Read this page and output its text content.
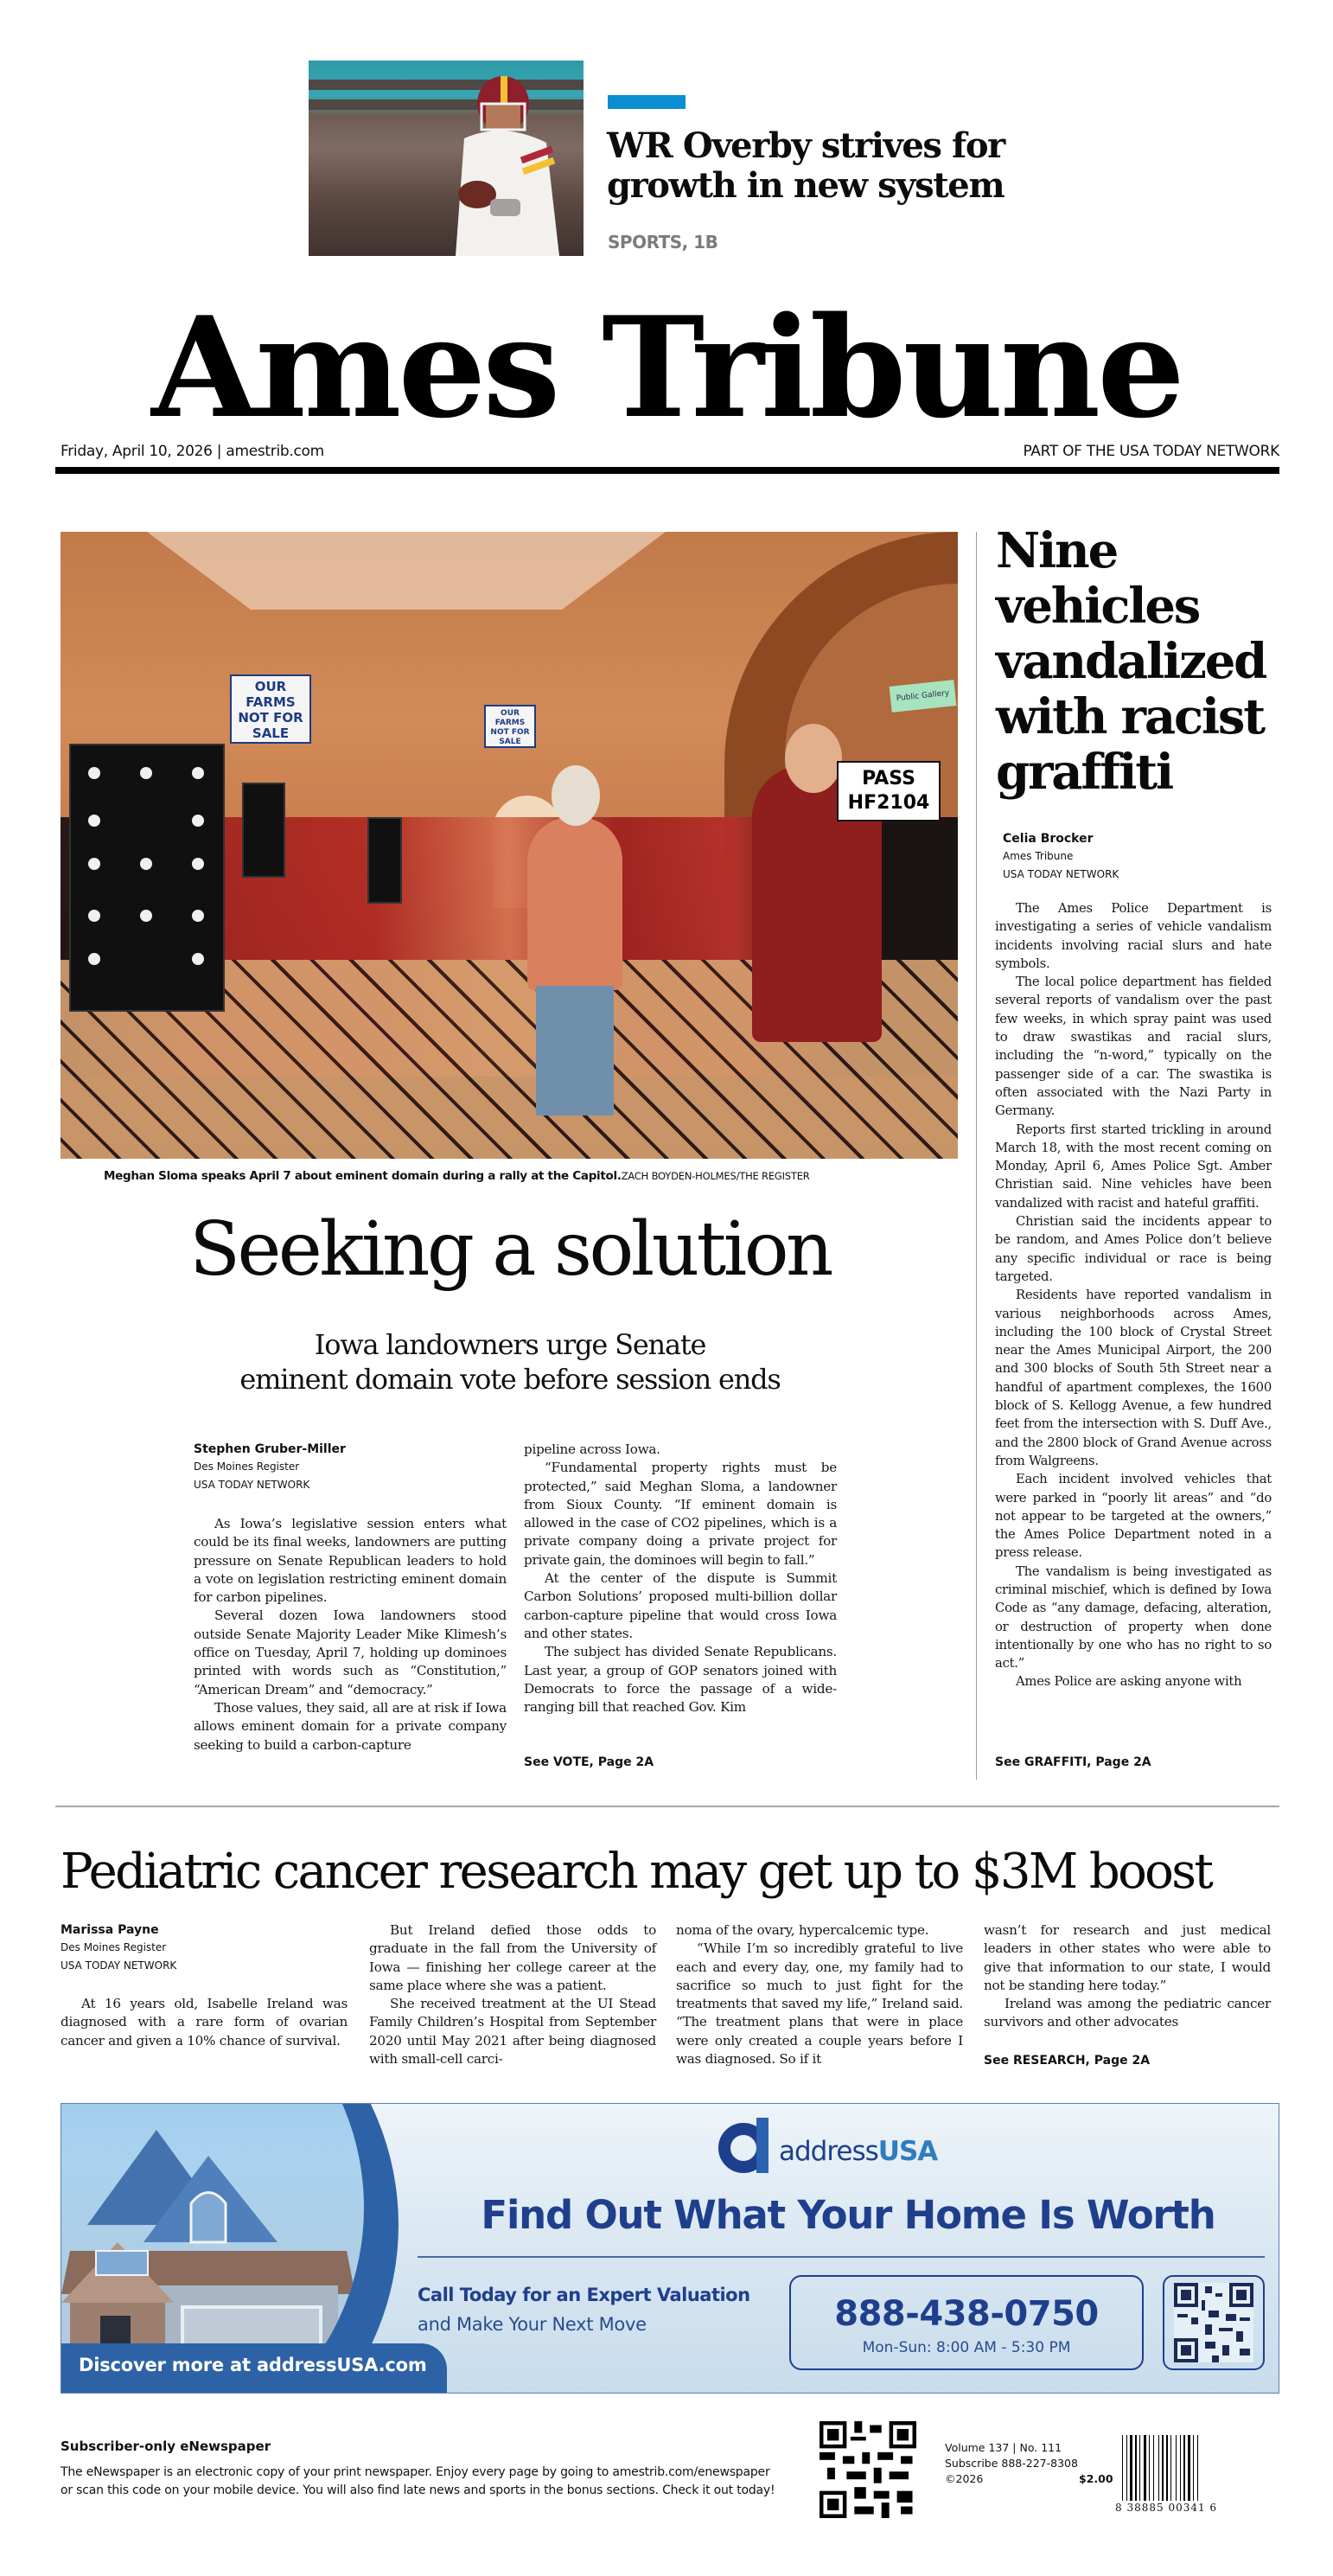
WR Overby strives for growth in new system
SPORTS, 1B
Ames Tribune
Friday, April 10, 2026 | amestrib.com	PART OF THE USA TODAY NETWORK
OUR FARMS NOT FOR SALE
OUR FARMS NOT FOR SALE
PASS HF2104
Public Gallery
Meghan Sloma speaks April 7 about eminent domain during a rally at the Capitol.ZACH BOYDEN-HOLMES/THE REGISTER
Seeking a solution
Iowa landowners urge Senate
eminent domain vote before session ends
Stephen Gruber-Miller
Des Moines Register
USA TODAY NETWORK

As Iowa’s legislative session enters what could be its final weeks, landowners are putting pressure on Senate Republican leaders to hold a vote on legislation restricting eminent domain for carbon pipelines.

Several dozen Iowa landowners stood outside Senate Majority Leader Mike Klimesh’s office on Tuesday, April 7, holding up dominoes printed with words such as “Constitution,” “American Dream” and “democracy.”

Those values, they said, all are at risk if Iowa allows eminent domain for a private company seeking to build a carbon-capture

pipeline across Iowa.

“Fundamental property rights must be protected,” said Meghan Sloma, a landowner from Sioux County. “If eminent domain is allowed in the case of CO2 pipelines, which is a private company doing a private project for private gain, the dominoes will begin to fall.”

At the center of the dispute is Summit Carbon Solutions’ proposed multi-billion dollar carbon-capture pipeline that would cross Iowa and other states.

The subject has divided Senate Republicans. Last year, a group of GOP senators joined with Democrats to force the passage of a wide-ranging bill that reached Gov. Kim

See VOTE, Page 2A
Nine vehicles vandalized with racist graffiti
Celia Brocker
Ames Tribune
USA TODAY NETWORK

The Ames Police Department is investigating a series of vehicle vandalism incidents involving racial slurs and hate symbols.

The local police department has fielded several reports of vandalism over the past few weeks, in which spray paint was used to draw swastikas and racial slurs, including the “n-word,” typically on the passenger side of a car. The swastika is often associated with the Nazi Party in Germany.

Reports first started trickling in around March 18, with the most recent coming on Monday, April 6, Ames Police Sgt. Amber Christian said. Nine vehicles have been vandalized with racist and hateful graffiti.

Christian said the incidents appear to be random, and Ames Police don’t believe any specific individual or race is being targeted.

Residents have reported vandalism in various neighborhoods across Ames, including the 100 block of Crystal Street near the Ames Municipal Airport, the 200 and 300 blocks of South 5th Street near a handful of apartment complexes, the 1600 block of S. Kellogg Avenue, a few hundred feet from the intersection with S. Duff Ave., and the 2800 block of Grand Avenue across from Walgreens.

Each incident involved vehicles that were parked in “poorly lit areas” and “do not appear to be targeted at the owners,” the Ames Police Department noted in a press release.

The vandalism is being investigated as criminal mischief, which is defined by Iowa Code as “any damage, defacing, alteration, or destruction of property when done intentionally by one who has no right to so act.”

Ames Police are asking anyone with

See GRAFFITI, Page 2A
Pediatric cancer research may get up to $3M boost
Marissa Payne
Des Moines Register
USA TODAY NETWORK

At 16 years old, Isabelle Ireland was diagnosed with a rare form of ovarian cancer and given a 10% chance of survival.

But Ireland defied those odds to graduate in the fall from the University of Iowa — finishing her college career at the same place where she was a patient.

She received treatment at the UI Stead Family Children’s Hospital from September 2020 until May 2021 after being diagnosed with small-cell carci-

noma of the ovary, hypercalcemic type.

“While I’m so incredibly grateful to live each and every day, one, my family had to sacrifice so much to just fight for the treatments that saved my life,” Ireland said. “The treatment plans that were in place were only created a couple years before I was diagnosed. So if it

wasn’t for research and just medical leaders in other states who were able to give that information to our state, I would not be standing here today.”

Ireland was among the pediatric cancer survivors and other advocates

See RESEARCH, Page 2A
Discover more at addressUSA.com
addressUSA
Find Out What Your Home Is Worth
Call Today for an Expert Valuation
and Make Your Next Move	888-438-0750
Mon-Sun: 8:00 AM - 5:30 PM
Subscriber-only eNewspaper
The eNewspaper is an electronic copy of your print newspaper. Enjoy every page by going to amestrib.com/enewspaper or scan this code on your mobile device. You will also find late news and sports in the bonus sections. Check it out today!
Volume 137 | No. 111
Subscribe 888-227-8308
©2026	$2.00
8 38885 00341 6
